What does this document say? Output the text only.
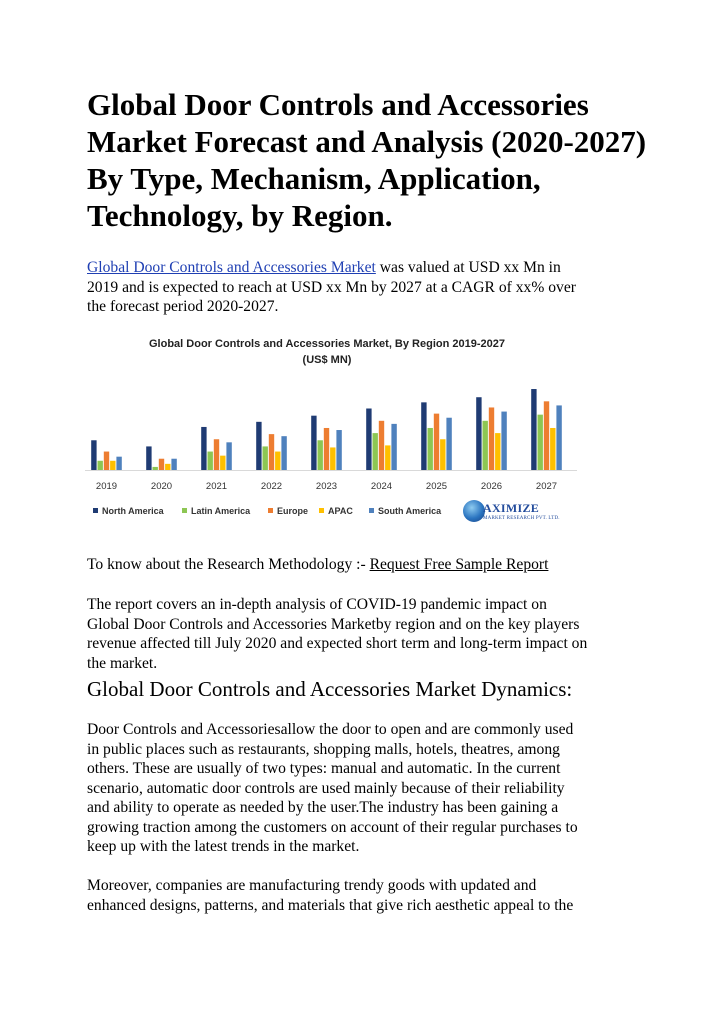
Global Door Controls and Accessories
Market Forecast and Analysis (2020-2027)
By Type, Mechanism, Application,
Technology, by Region.

Global Door Controls and Accessories Market was valued at USD xx Mn in
2019 and is expected to reach at USD xx Mn by 2027 at a CAGR of xx% over
the forecast period 2020-2027.

Global Door Controls and Accessories Market, By Region 2019-2027
(US$ MN)
2019	2020	2021	2022	2023	2024	2025	2026	2027
North America	Latin America	Europe APAC	South America	AXIMIZE
MARKET RESEARCH PVT. LTD.

To know about the Research Methodology :- Request Free Sample Report

The report covers an in-depth analysis of COVID-19 pandemic impact on
Global Door Controls and Accessories Marketby region and on the key players
revenue affected till July 2020 and expected short term and long-term impact on
the market.

Global Door Controls and Accessories Market Dynamics:

Door Controls and Accessoriesallow the door to open and are commonly used
in public places such as restaurants, shopping malls, hotels, theatres, among
others. These are usually of two types: manual and automatic. In the current
scenario, automatic door controls are used mainly because of their reliability
and ability to operate as needed by the user.The industry has been gaining a
growing traction among the customers on account of their regular purchases to
keep up with the latest trends in the market.

Moreover, companies are manufacturing trendy goods with updated and
enhanced designs, patterns, and materials that give rich aesthetic appeal to the
